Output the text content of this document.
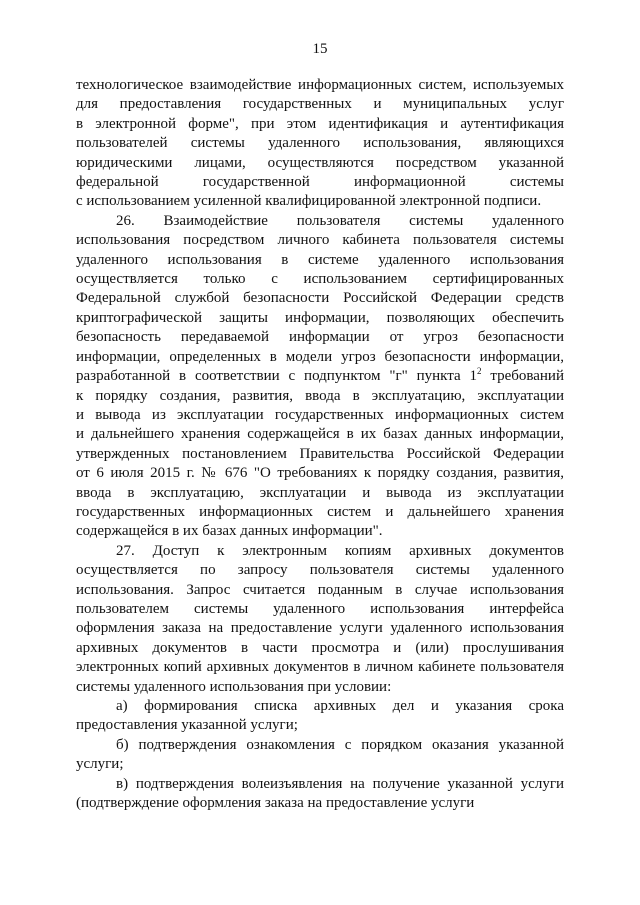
15
технологическое взаимодействие информационных систем, используемых
для предоставления государственных и муниципальных услуг
в электронной форме", при этом идентификация и аутентификация
пользователей системы удаленного использования, являющихся
юридическими лицами, осуществляются посредством указанной
федеральной государственной информационной системы
с использованием усиленной квалифицированной электронной подписи.
26. Взаимодействие пользователя системы удаленного
использования посредством личного кабинета пользователя системы
удаленного использования в системе удаленного использования
осуществляется только с использованием сертифицированных
Федеральной службой безопасности Российской Федерации средств
криптографической защиты информации, позволяющих обеспечить
безопасность передаваемой информации от угроз безопасности
информации, определенных в модели угроз безопасности информации,
разработанной в соответствии с подпунктом "г" пункта $1^2$ требований
к порядку создания, развития, ввода в эксплуатацию, эксплуатации
и вывода из эксплуатации государственных информационных систем
и дальнейшего хранения содержащейся в их базах данных информации,
утвержденных постановлением Правительства Российской Федерации
от 6 июля 2015 г. № 676 "О требованиях к порядку создания, развития,
ввода в эксплуатацию, эксплуатации и вывода из эксплуатации
государственных информационных систем и дальнейшего хранения
содержащейся в их базах данных информации".
27. Доступ к электронным копиям архивных документов
осуществляется по запросу пользователя системы удаленного
использования. Запрос считается поданным в случае использования
пользователем системы удаленного использования интерфейса
оформления заказа на предоставление услуги удаленного использования
архивных документов в части просмотра и (или) прослушивания
электронных копий архивных документов в личном кабинете пользователя
системы удаленного использования при условии:
а) формирования списка архивных дел и указания срока
предоставления указанной услуги;
б) подтверждения ознакомления с порядком оказания указанной
услуги;
в) подтверждения волеизъявления на получение указанной услуги
(подтверждение оформления заказа на предоставление услуги
